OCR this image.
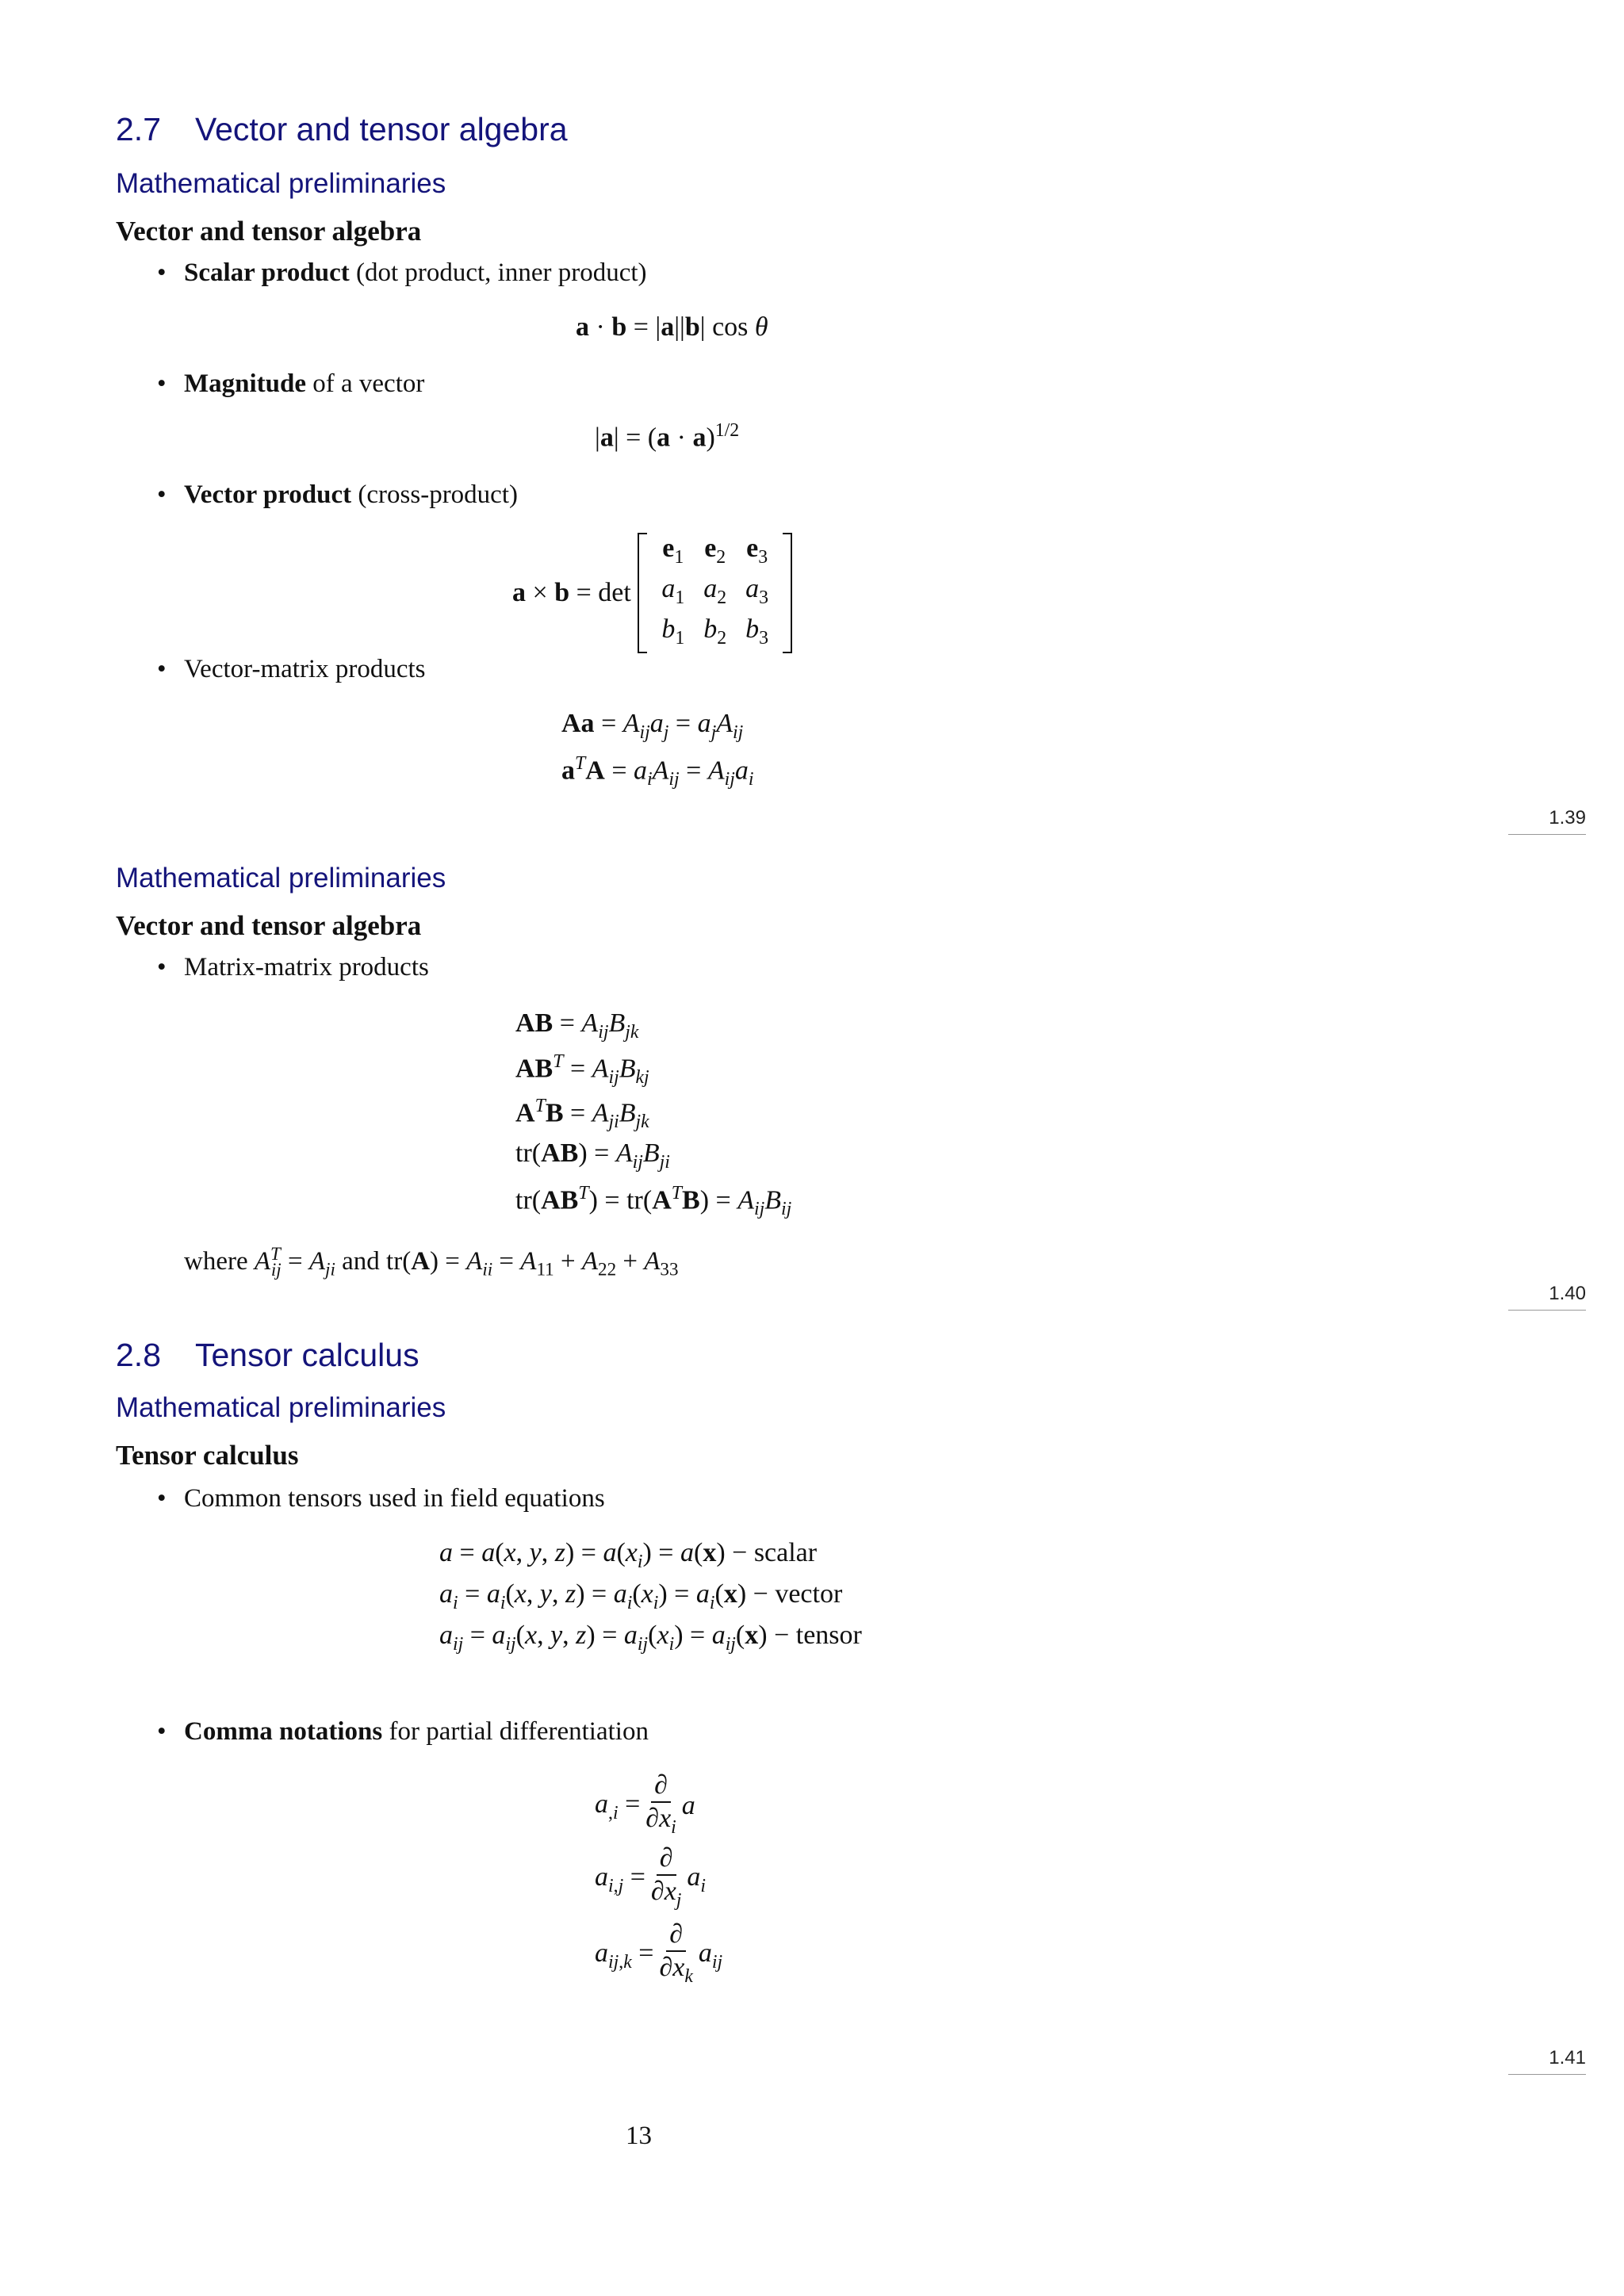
2.7 Vector and tensor algebra
Mathematical preliminaries
Vector and tensor algebra
• Scalar product (dot product, inner product)
a · b = |a||b| cos θ
• Magnitude of a vector
$|a| = (a \cdot a)^{1/2}$
• Vector product (cross-product)
a × b = det
$e_1$	$e_2$	$e_3$
$a_1$	$a_2$	$a_3$
$b_1$	$b_2$	$b_3$
• Vector-matrix products
$Aa = A_{ij}a_j = a_jA_{ij}$
$a^TA = a_iA_{ij} = A_{ij}a_i$
1.39
Mathematical preliminaries
Vector and tensor algebra
• Matrix-matrix products
AB = $A_{ij}B_{jk}$
$AB^T = A_{ij}B_{kj}$
$A^TB = A_{ji}B_{jk}$
$tr(AB) = A_{ij}B_{ji}$
$tr(AB^T) = tr(A^TB) = A_{ij}B_{ij}$
where $A^T_{ij} = A_{ji}$ and $tr(A) = A_{ii} = A_{11} + A_{22} + A_{33}$
1.40
2.8 Tensor calculus
Mathematical preliminaries
Tensor calculus
• Common tensors used in field equations
a = a(x, y, $z) = a(x_i) = a(x)$ − scalar
$a_i = a_i(x$, y, $z) = a_i(x_i) = a_i(x)$ − vector
$a_{ij} = a_{ij}(x$, y, $z) = a_{ij}(x_i) = a_{ij}(x)$ − tensor
• Comma notations for partial differentiation
$a_{,i} = \frac{\partial}{\partial x_i}$ a
$a_{i,j} = \frac{\partial}{\partial x_j} a_i$
$a_{ij,k} = \frac{\partial}{\partial x_k} a_{ij}$
1.41
13
